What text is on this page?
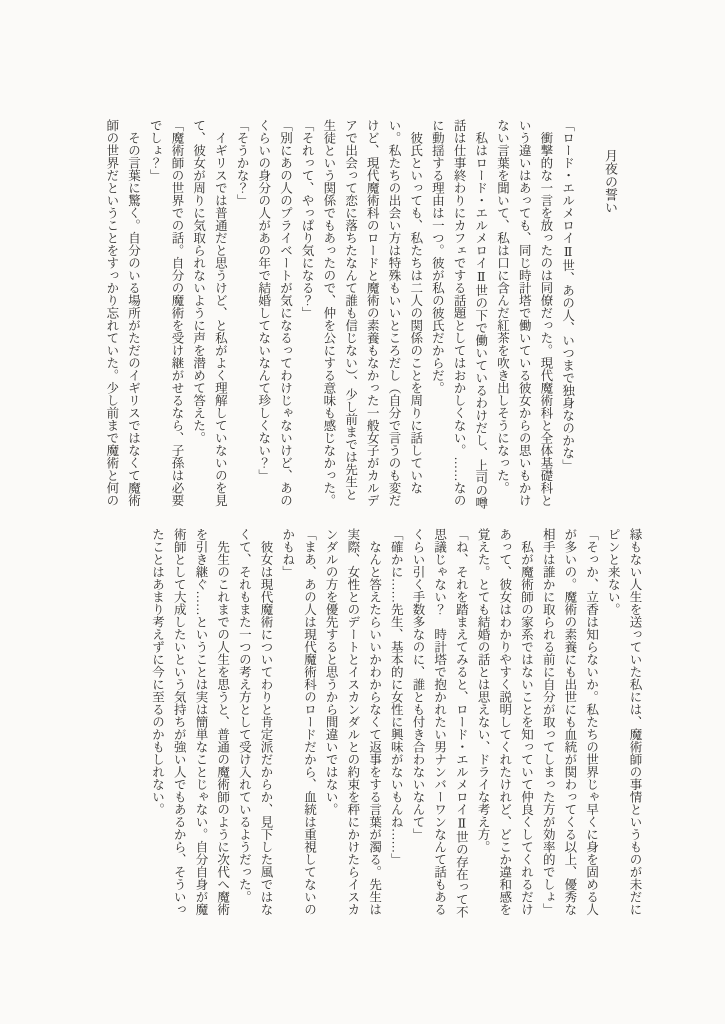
月夜の誓い

「ロード・エルメロイⅡ世、あの人、いつまで独身なのかな」

　衝撃的な一言を放ったのは同僚だった。現代魔術科と全体基礎科という違いはあっても、同じ時計塔で働いている彼女からの思いもかけない言葉を聞いて、私は口に含んだ紅茶を吹き出しそうになった。

　私はロード・エルメロイⅡ世の下で働いているわけだし、上司の噂話は仕事終わりにカフェでする話題としてはおかしくない。……なのに動揺する理由は一つ。彼が私の彼氏だからだ。

　彼氏といっても、私たちは二人の関係のことを周りに話していない。私たちの出会い方は特殊もいいところだし（自分で言うのも変だけど、現代魔術科のロードと魔術の素養もなかった一般女子がカルデアで出会って恋に落ちたなんて誰も信じない）、少し前までは先生と生徒という関係でもあったので、仲を公にする意味も感じなかった。

「それって、やっぱり気になる？」

「別にあの人のプライベートが気になるってわけじゃないけど、あのくらいの身分の人があの年で結婚してないなんて珍しくない？」

「そうかな？」

　イギリスでは普通だと思うけど、と私がよく理解していないのを見て、彼女が周りに気取られないように声を潜めて答えた。

「魔術師の世界での話。自分の魔術を受け継がせるなら、子孫は必要でしょ？」

　その言葉に驚く。自分のいる場所がただのイギリスではなくて魔術師の世界だということをすっかり忘れていた。少し前まで魔術と何の

縁もない人生を送っていた私には、魔術師の事情というものが未だにピンと来ない。

「そっか、立香は知らないか。私たちの世界じゃ早くに身を固める人が多いの。魔術の素養にも出世にも血統が関わってくる以上、優秀な相手は誰かに取られる前に自分が取ってしまった方が効率的でしょ」

　私が魔術師の家系ではないことを知っていて仲良くしてくれるだけあって、彼女はわかりやすく説明してくれたけれど、どこか違和感を覚えた。とても結婚の話とは思えない、ドライな考え方。

「ね、それを踏まえてみると、ロード・エルメロイⅡ世の存在って不思議じゃない？　時計塔で抱かれたい男ナンバーワンなんて話もあるくらい引く手数多なのに、誰とも付き合わないなんて」

「確かに……先生、基本的に女性に興味がないもんね……」

　なんと答えたらいいかわからなくて返事をする言葉が濁る。先生は実際、女性とのデートとイスカンダルとの約束を秤にかけたらイスカンダルの方を優先すると思うから間違いではない。

「まあ、あの人は現代魔術科のロードだから、血統は重視してないのかもね」

　彼女は現代魔術についてわりと肯定派だからか、見下した風ではなくて、それもまた一つの考え方として受け入れているようだった。

　先生のこれまでの人生を思うと、普通の魔術師のように次代へ魔術を引き継ぐ……ということは実は簡単なことじゃない。自分自身が魔術師として大成したいという気持ちが強い人でもあるから、そういったことはあまり考えずに今に至るのかもしれない。
